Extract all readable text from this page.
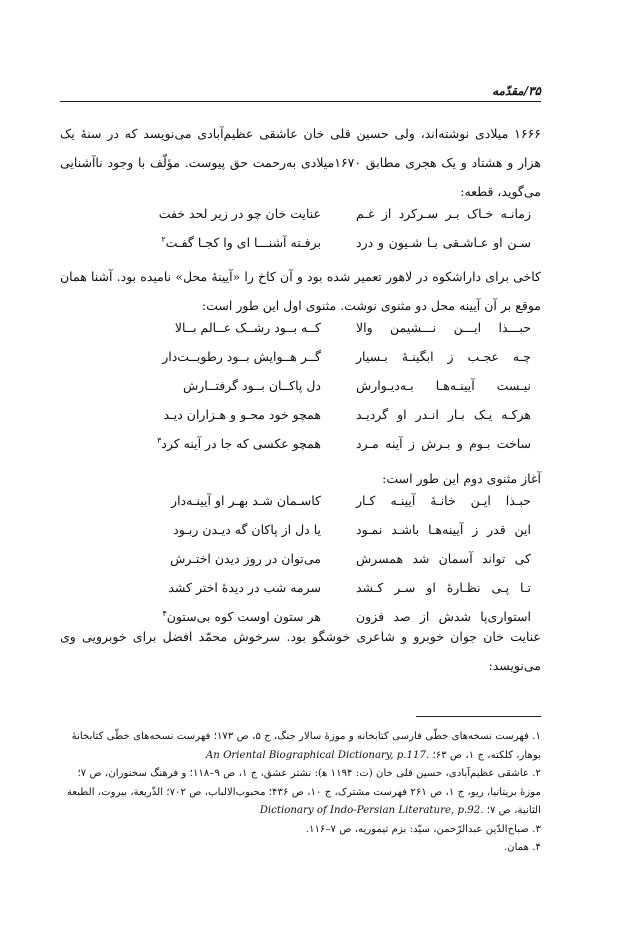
۳۵/مقدّمه
۱۶۶۶ میلادی نوشته‌اند، ولی حسین قلی خان عاشقی عظیم‌آبادی می‌نویسد که در سنهٔ یک هزار و هشتاد و یک هجری مطابق ۱۶۷۰میلادی به‌رحمت حق پیوست. مؤلّف با وجود ناآشنایی می‌گوید، قطعه:
زمانـه خـاک بـر سـرکرد از غـم
عنایت خان چو در زیر لحد خفت
سـن او عـاشـقی بـا شـیون و درد
برفـته آشنـــا ای وا کجـا گفـت$^۲$
کاخی برای داراشکوه در لاهور تعمیر شده بود و آن کاخ را «آیینهٔ محل» نامیده بود. آشنا همان موقع بر آن آیینه محل دو مثنوی نوشت. مثنوی اول این طور است:
حبـــذا ایـــن نـــشیمن والا
کــه بــود رشــک عــالم بــالا
چـه عجـب ز ابگینـهٔ بـسیار
گــر هــوایش بــود رطوبــت‌دار
نیـست آیینـه‌هـا بـه‌دیـوارش
دل پاکــان بــود گرفتــارش
هرکـه یـک بـار انـدر او گردیـد
همچو خود محـو و هـزاران دیـد
ساخت بـوم و بـرش ز آینه مـرد
همچو عکسی که جا در آینه کرد$^۳$
آغاز مثنوی دوم این طور است:
حبـذا ایـن خانـهٔ آیینـه کـار
کاسـمان شـد بهـر او آیینـه‌دار
این قدر ز آیینه‌هـا باشـد نمـود
یا دل از پاکان گه دیـدن ربـود
کی تواند آسمان شد همسرش
می‌توان در روز دیدن اختـرش
تـا پـی نظـارهٔ او سـر کـشد
سرمه شب در دیدهٔ اختر کشد
استواری‌پا شدش از صد فزون
هر ستون اوست کوه بی‌ستون$^۴$
عنایت خان جوان خوبرو و شاعری خوشگو بود. سرخوش محمّد افضل برای خوبرویی وی می‌نویسد:

۱. فهرست نسخه‌های خطّی فارسی کتابخانه و موزهٔ سالار جنگ، ج ۵، ص ۱۷۳؛ فهرست نسخه‌های خطّی کتابخانهٔ بوهار، کلکته، ج ۱، ص ۶۳؛ An Oriental Biographical Dictionary, p.117.

۲. عاشقی عظیم‌آبادی، حسین قلی خان (ت: ۱۱۹۴ ﻫ): نشتر عشق، ج ۱، ص ۹–۱۱۸؛ و فرهنگ سخنوران، ص ۷؛ موزهٔ بریتانیا، ریو، ج ۱، ص ۲۶۱ فهرست مشترک، ج ۱۰، ص ۴۳۶؛ محبوب‌الالباب، ص ۷۰۲؛ الذّریعة، بیروت، الطبعة الثانیة، ص ۷؛ Dictionary of Indo-Persian Literature, p.92.

۳. صباح‌الدّین عبدالرّحمن، سیّد: بزم تیموریه، ص ۷–۱۱۶.

۴. همان.
